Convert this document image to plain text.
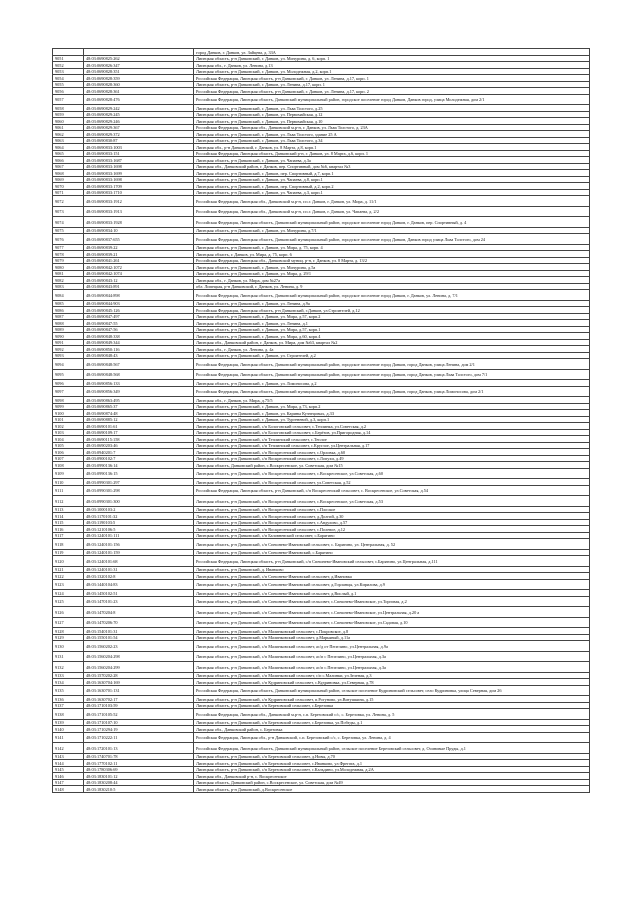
		город Данков, г. Данков, ул. Зайцева, д. 33А
9051	48:03:0690825:262	Липецкая область, р-н Данковский, г. Данков, ул. Мичурина, д. 6, корп. 1
9052	48:03:0690826:347	Липецкая обл., г. Данков, ул. Ленина, д.13
9053	48:03:0690828:351	Липецкая область, р-н Данковский, г. Данков, ул. Молодежная, д.2, корп.1
9054	48:03:0690828:359	Российская Федерация, Липецкая область, р-н Данковский, г. Данков, ул. Ленина, д.17, корп. 1
9055	48:03:0690828:360	Липецкая область, р-н Данковский, г. Данков, ул. Ленина, д.17, корп. 1
9056	48:03:0690828:361	Российская Федерация, Липецкая область, р-н Данковский, г. Данков, ул. Ленина, д.17, корп. 2
9057	48:03:0690828:476	Российская Федерация, Липецкая область, Данковский муниципальный район, городское поселение город Данков, Данков город, улица Молодежная, дом 2/1
9058	48:03:0690829:242	Липецкая область, р-н Данковский, г. Данков, ул. Льва Толстого, д.25
9059	48:03:0690829:245	Липецкая область, р-н Данковский, г. Данков, ул. Первомайская, д.12
9060	48:03:0690829:246	Липецкая область, р-н Данковский, г. Данков, ул. Первомайская, д.10
9061	48:03:0690829:367	Российская Федерация, Липецкая обл., Данковский м.р-н, г. Данков, ул. Льва Толстого, д. 23А
9062	48:03:0690829:372	Липецкая область, р-н Данковский, г. Данков, ул. Льва Толстого, здание 25 А
9063	48:03:0690830:87	Липецкая область, р-н Данковский, г. Данков, ул. Льва Толстого, д.34
9064	48:03:0690833:1003	Липецкая обл., р-н Данковский, г. Данков, ул. 8 Марта, д.8, корп.1
9065	48:03:0690833:151	Российская Федерация, Липецкая область, Данковский р-н, г. Данков, ул. 8 Марта, д.6, корп. 1
9066	48:03:0690833:1687	Липецкая область, р-н Данковский, г. Данков, ул. Чапаева, д.3а
9067	48:03:0690833:1698	Липецкая обл., Данковский район, г. Данков, пер. Спортивный, дом №6, квартал №3
9068	48:03:0690833:1699	Липецкая область, р-н Данковский, г. Данков, пер. Спортивный, д.7, корп.1
9069	48:03:0690833:1698	Липецкая область, р-н Данковский, г. Данков, ул. Чапаева, д.8, корп.1
9070	48:03:0690833:1709	Липецкая область, р-н Данковский, г. Данков, пер. Спортивный, д.2, корп.2
9071	48:03:0690833:1710	Липецкая область, р-н Данковский, г. Данков, ул. Чапаева, д.3, корп.1
9072	48:03:0690833:1912	Российская Федерация, Липецкая обл., Данковский м.р-н, г.п.г. Данков, г. Данков, ул. Мира, д. 11/1
9073	48:03:0690833:1913	Российская Федерация, Липецкая обл., Данковский м.р-н, г.п.г. Данков, г. Данков, ул. Чапаева, д. 2/2
9074	48:03:0690833:1928	Российская Федерация, Липецкая область, Данковский муниципальный район, городское поселение город Данков, г. Данков, пер. Спортивный, д. 4
9075	48:03:0690834:10	Липецкая область, р-н Данковский, г. Данков, ул. Мичурина, д.7/1
9076	48:03:0690837:655	Российская Федерация, Липецкая область, Данковский муниципальный район, городское поселение город Данков, Данков город улица Льва Толстого, дом 24
9077	48:03:0690839:22	Липецкая область, р-н Данковский, г. Данков, ул. Мира, д. 75, корп. 4
9078	48:03:0690839:21	Липецкая область, г. Данков, ул. Мира, д. 75, корп. 6
9079	48:03:0690841:261	Российская Федерация, Липецкая обл., Данковский муниц. р-н, г. Данков, ул. 8 Марта, д. 13/2
9080	48:03:0690842:1072	Липецкая область, р-н Данковский, г. Данков, ул. Мичурина, д.5а
9081	48:03:0690842:1074	Липецкая область, р-н Данковский, г. Данков, ул. Мира, д. 29/1
9082	48:03:0690843:12	Липецкая обл., г. Данков, ул. Мира, дом №27а
9083	48:03:0690843:891	обл. Липецкая, р-н Данковский, г. Данков, ул. Ленина, д. 9
9084	48:03:0690844:898	Российская Федерация, Липецкая область, Данковский муниципальный район, городское поселение город Данков, г. Данков, ул. Ленина, д. 7/1
9085	48:03:0690844:903	Липецкая область, р-н Данковский, г. Данков, ул. Ленина, д.9а
9086	48:03:0690845:126	Российская Федерация, Липецкая область, р-н Данковский, г.Данков, ул.Строителей, д.12
9087	48:03:0690847:497	Липецкая область, р-н Данковский, г. Данков, ул. Мира, д.57, корп.2
9088	48:03:0690847:55	Липецкая область, р-н Данковский, г. Данков, ул. Ленина, д.1
9089	48:03:0690847:56	Липецкая область, р-н Данковский, г. Данков, ул. Мира, д.57, корп.1
9090	48:03:0690848:338	Липецкая область, р-н Данковский, г. Данков, ул. Мира, д.60, корп.4
9091	48:03:0690849:344	Липецкая обл., Данковский район, г. Данков, ул. Мира, дом №63, квартал №2
9092	48:03:0690850:116	Липецкая обл., г. Данков, ул. Ленина, д. 4а
9093	48:03:0690848:43	Липецкая область, р-н Данковский, г. Данков, ул. Строителей, д.2
9094	48:03:0690848:567	Российская Федерация, Липецкая область, Данковский муниципальный район, городское поселение город Данков, город Данков, улица Ленина, дом 2/1
9095	48:03:0690848:568	Российская Федерация, Липецкая область, Данковский муниципальный район, городское поселение город Данков, город Данков, улица Льва Толстого, дом 7/1
9096	48:03:0690856:133	Липецкая область, р-н Данковский, г. Данков, ул. Ломоносова, д.2
9097	48:03:0690856:349	Российская Федерация, Липецкая область, Данковский муниципальный район, городское поселение город Данков, город Данков, улица Ломоносова, дом 2/1
9098	48:03:0690863:495	Липецкая обл., г. Данков, ул. Мира, д.75/5
9099	48:03:0690865:37	Липецкая область, р-н Данковский, г. Данков, ул. Мира, д.73, корп.2
9100	48:03:0690874:48	Липецкая область, р-н Данковский, г. Данков, ул. Карины Кузнецовых, д.33
9101	48:03:0690885:12	Липецкая область, р-н Данковский, г. Данков, ул. Тургеневой, д.3, корп.1
9102	48:03:0690101:61	Липецкая область, р-н Данковский, с/п Бологовский сельсовет, с.Теплинка, ул.Советская, д.2
9103	48:03:0690109:17	Липецкая область, р-н Данковский, с/п Бологовский сельсовет, с.Берёзов, ул.Пригородная, д.14
9104	48:03:0690115:158	Липецкая область, р-н Данковский, с/п Теплинский сельсовет, с.Теплое
9105	48:03:0690203:46	Липецкая область, р-н Данковский, с/п Теплинский сельсовет, с.Круглое, ул.Центральная, д.17
9106	48:03:0940201:7	Липецкая область, р-н Данковский, с/п Воскресенский сельсовет, с.Орловка, д.60
9107	48:03:0900102:7	Липецкая область, р-н Данковский, с/п Воскресенский сельсовет, с.Лопухи, д.49
9108	48:03:0990136:14	Липецкая область, Данковский район, с.Воскресенское, ул. Советская, дом №15
9109	48:03:0990136:15	Липецкая область, р-н Данковский, с/п Воскресенский сельсовет, с.Воскресенское, ул.Советская, д.60
9110	48:03:0990301:297	Липецкая область, р-н Данковский, с/п Воскресенский сельсовет, ул.Советская, д.52
9111	48:03:0990301:298	Российская Федерация, Липецкая область, р-н Данковский, с/п Воскресенский сельсовет, с. Воскресенское, ул.Советская, д.54
9112	48:03:0990301:300	Липецкая область, р-н Данковский, с/п Воскресенский сельсовет, с.Воскресенское, ул.Советская, д.53
9113	48:03:1000103:2	Липецкая область, р-н Данковский, с/п Воскресенский сельсовет, с.Плоское
9114	48:03:1170101:32	Липецкая область, р-н Данковский, с/п Воскресенский сельсовет, д.Долгий, д.30
9115	48:03:1190103:5	Липецкая область, р-н Данковский, с/п Воскресенский сельсовет, с.Авдулово, д.57
9116	48:03:1210106:5	Липецкая область, р-н Данковский, с/п Воскресенский сельсовет, с.Полевое, д.12
9117	48:03:1240101:111	Липецкая область, р-н Данковский, с/п Баловневский сельсовет, с.Барятино
9118	48:03:1240101:156	Липецкая область, р-н Данковский, с/п Спешнево-Ивановский сельсовет, с. Барятино, ул. Центральная, д. 52
9119	48:03:1240101:159	Липецкая область, р-н Данковский, с/п Спешнево-Ивановский, с.Барятино
9120	48:03:1240101:68	Российская Федерация, Липецкая область, р-н Данковский, с/п Спешнево-Ивановский сельсовет, с.Барятино, ул.Центральная, д.111
9121	48:03:1240101:31	Липецкая область, р-н Данковский, д. Иванково
9122	48:03:1320102:8	Липецкая область, р-н Данковский, с/п Спешнево-Ивановский сельсовет, д.Ивановка
9123	48:03:1440104:83	Липецкая область, р-н Данковский, с/п Спешнево-Ивановский сельсовет, д.Горланцы, ул.Кирилова, д.9
9124	48:03:1450102:51	Липецкая область, р-н Данковский, с/п Спешнево-Ивановский сельсовет, д.Вислый, д.1
9125	48:03:1470101:23	Липецкая область, р-н Данковский, с/п Спешнево-Ивановский сельсовет, с.Спешнево-Ивановское, ул.Торговая, д.2
9126	48:03:1470204:8	Липецкая область, р-н Данковский, с/п Спешнево-Ивановский сельсовет, с.Спешнево-Ивановское, ул.Центральная, д.20 а
9127	48:03:1470206:70	Липецкая область, р-н Данковский, с/п Спешнево-Ивановский сельсовет, с.Спешнево-Ивановское, ул.Садовая, д.10
9128	48:03:1540101:31	Липецкая область, р-н Данковский, с/п Малинковский сельсовет, с.Покровское, д.8
9129	48:03:1550101:54	Липецкая область, р-н Данковский, с/п Малинковский сельсовет, д.Марьяный, д.11а
9130	48:03:1560202:23	Липецкая область, р-н Данковский, с/п Малинковский сельсовет, ас/д от Пепелино, ул.Центральная, д.9а
9131	48:03:1560204:298	Липецкая область, р-н Данковский, с/п Малинковский сельсовет, ас/п с Пепелино, ул.Центральная, д.3а
9132	48:03:1560204:299	Липецкая область, р-н Данковский, с/п Малинковский сельсовет, ас/п с.Пепелино, ул.Центральная, д.3а
9133	48:03:1570202:28	Липецкая область, р-н Данковский, с/п Малинковский сельсовет, с/п с.Малинки, ул.Зеленая, д.3
9134	48:03:1630704:169	Липецкая область, р-н Данковский, с/п Кудриновский сельсовет, с.Кудриновка, ул.Северная, д.78
9135	48:03:1630701:131	Российская Федерация, Липецкая область, Данковский муниципальный район, сельское поселение Кудриновский сельсовет, село Кудриновка, улица Северная, дом 26
9136	48:03:1630702:17	Липецкая область, р-н Данковский, с/п Кудриновский сельсовет, п.Рогуново, ул.Витушкина, д.15
9137	48:03:1710103:59	Липецкая область, р-н Данковский, с/п Березовский сельсовет, с.Березовка
9138	48:03:1710105:52	Российская Федерация, Липецкая обл., Данковский м.р-н, с.п. Березовский с/с, с. Березовка, ул. Ленина, д. 5
9139	48:03:1710107:10	Липецкая область, р-н Данковский, с/п Березовский сельсовет, с.Березовка, ул.Победы, д.1
9140	48:03:1710294:19	Липецкая обл., Данковский район, с. Березовка
9141	48:03:1710222:11	Российская Федерация, Липецкая обл., р-н Данковский, с.п. Березовский с/с, с. Березовка, ул. Ленина, д. 4
9142	48:03:1720101:13	Российская Федерация, Липецкая область, Данковский муниципальный район, сельское поселение Березовский сельсовет, д. Осиновые Пруды, д.1
9143	48:03:1740701:78	Липецкая область, р-н Данковский, с/п Березовский сельсовет, д.Новы, д.70
9144	48:03:1770102:11	Липецкая область, р-н Данковский, с/п Березовский сельсовет, с.Иванково, ул.Фрегата, д.1
9145	48:03:1780306:69	Липецкая область, р-н Данковский, с/п Березовский сельсовет, с.Кальдино, ул.Молодежная, д.2А
9146	48:03:1830101:12	Липецкая обл., Данковский р-н, с. Воскресенское
9147	48:03:1830208:44	Липецкая область, Данковский район, с.Воскресенское, ул. Советская, дом №49
9148	48:03:1830210:5	Липецкая область, р-н Данковский, д.Воскресенское
